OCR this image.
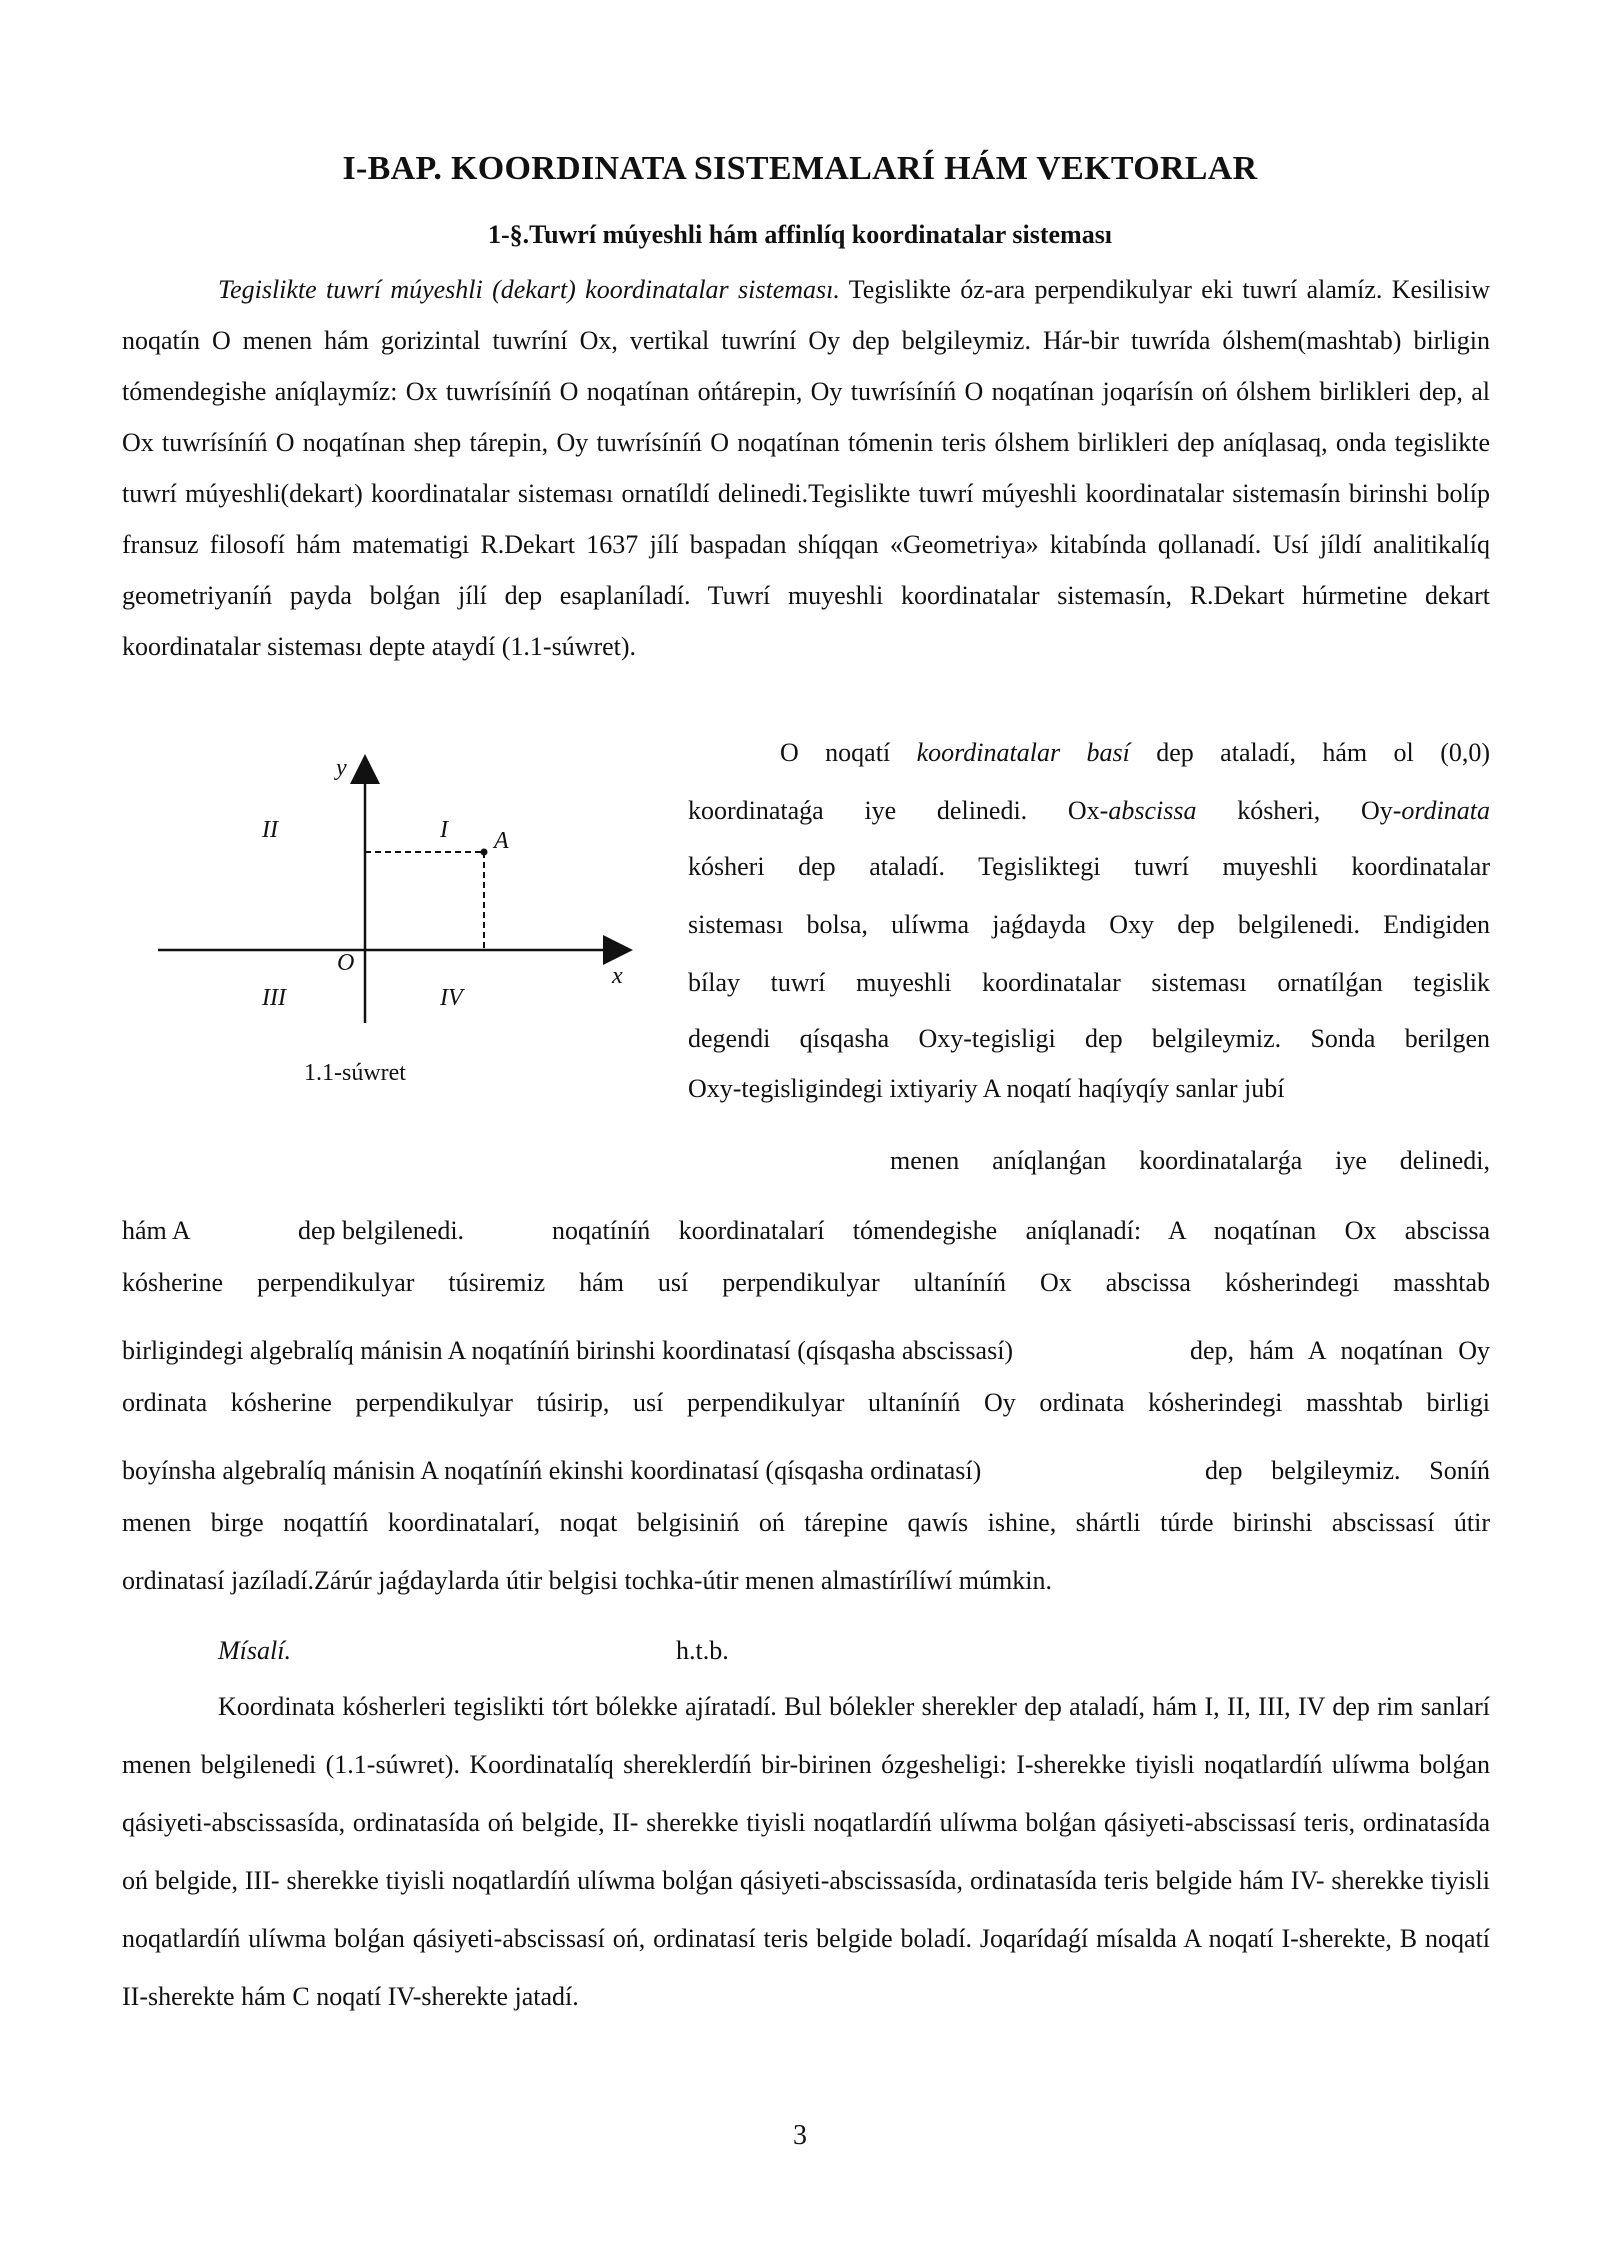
I-BAP. KOORDINATA SISTEMALARÍ HÁM VEKTORLAR
1-§.Tuwrí múyeshli hám affinlíq koordinatalar sisteması

Tegislikte tuwrí múyeshli (dekart) koordinatalar sisteması. Tegislikte óz-ara perpendikulyar eki tuwrí alamíz. Kesilisiw noqatín O menen hám gorizintal tuwríní Ox, vertikal tuwríní Oy dep belgileymiz. Hár-bir tuwrída ólshem(mashtab) birligin tómendegishe aníqlaymíz: Ox tuwrísíníń O noqatínan ońtárepin, Oy tuwrísíníń O noqatínan joqarísín oń ólshem birlikleri dep, al Ox tuwrísíníń O noqatínan shep tárepin, Oy tuwrísíníń O noqatínan tómenin teris ólshem birlikleri dep aníqlasaq, onda tegislikte tuwrí múyeshli(dekart) koordinatalar sisteması ornatíldí delinedi.Tegislikte tuwrí múyeshli koordinatalar sistemasín birinshi bolíp fransuz filosofí hám matematigi R.Dekart 1637 jílí baspadan shíqqan «Geometriya» kitabínda qollanadí. Usí jíldí analitikalíq geometriyaníń payda bolǵan jílí dep esaplaníladí. Tuwrí muyeshli koordinatalar sistemasín, R.Dekart húrmetine dekart koordinatalar sisteması depte ataydí (1.1-súwret).

y
x
O
A
I
II
III	IV
1.1-súwret
O noqatí koordinatalar basí dep ataladí, hám ol (0,0)
koordinataǵa iye delinedi. Ox-abscissa kósheri, Oy-ordinata
kósheri dep ataladí. Tegisliktegi tuwrí muyeshli koordinatalar
sisteması bolsa, ulíwma jaǵdayda Oxy dep belgilenedi. Endigiden
bílay tuwrí muyeshli koordinatalar sisteması ornatílǵan tegislik
degendi qísqasha Oxy-tegisligi dep belgileymiz. Sonda berilgen
Oxy-tegisligindegi ixtiyariy A noqatí haqíyqíy sanlar jubí
menen aníqlanǵan koordinatalarǵa iye delinedi,
hám A	dep belgilenedi.	noqatíníń koordinatalarí tómendegishe aníqlanadí: A noqatínan Ox abscissa
kósherine perpendikulyar túsiremiz hám usí perpendikulyar ultaníníń Ox abscissa kósherindegi masshtab
birligindegi algebralíq mánisin A noqatíníń birinshi koordinatasí (qísqasha abscissasí)	dep, hám A noqatínan Oy
ordinata kósherine perpendikulyar túsirip, usí perpendikulyar ultaníníń Oy ordinata kósherindegi masshtab birligi
boyínsha algebralíq mánisin A noqatíníń ekinshi koordinatasí (qísqasha ordinatasí)	dep belgileymiz. Soníń
menen birge noqattíń koordinatalarí, noqat belgisiniń oń tárepine qawís ishine, shártli túrde birinshi abscissasí útir
ordinatasí jazíladí.Zárúr jaǵdaylarda útir belgisi tochka-útir menen almastírílíwí múmkin.
Mísalí.	h.t.b.

Koordinata kósherleri tegislikti tórt bólekke ajíratadí. Bul bólekler sherekler dep ataladí, hám I, II, III, IV dep rim sanlarí menen belgilenedi (1.1-súwret). Koordinatalíq shereklerdíń bir-birinen ózgesheligi: I-sherekke tiyisli noqatlardíń ulíwma bolǵan qásiyeti-abscissasída, ordinatasída oń belgide, II- sherekke tiyisli noqatlardíń ulíwma bolǵan qásiyeti-abscissasí teris, ordinatasída oń belgide, III- sherekke tiyisli noqatlardíń ulíwma bolǵan qásiyeti-abscissasída, ordinatasída teris belgide hám IV- sherekke tiyisli noqatlardíń ulíwma bolǵan qásiyeti-abscissasí oń, ordinatasí teris belgide boladí. Joqarídaǵí mísalda A noqatí I-sherekte, B noqatí II-sherekte hám C noqatí IV-sherekte jatadí.

3
